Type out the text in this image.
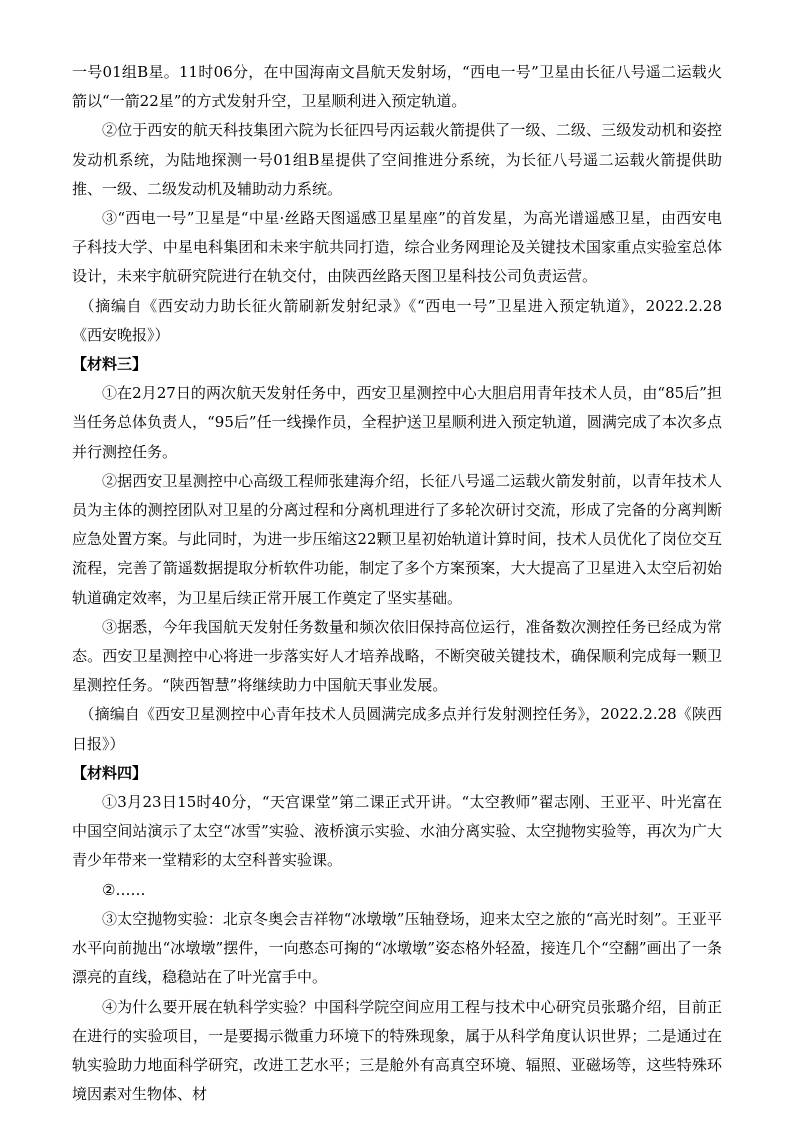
一号01组B星。11时06分，在中国海南文昌航天发射场，“西电一号”卫星由长征八号遥二运载火箭以“一箭22星”的方式发射升空，卫星顺利进入预定轨道。

②位于西安的航天科技集团六院为长征四号丙运载火箭提供了一级、二级、三级发动机和姿控发动机系统，为陆地探测一号01组B星提供了空间推进分系统，为长征八号遥二运载火箭提供助推、一级、二级发动机及辅助动力系统。

③“西电一号”卫星是“中星·丝路天图遥感卫星星座”的首发星，为高光谱遥感卫星，由西安电子科技大学、中星电科集团和未来宇航共同打造，综合业务网理论及关键技术国家重点实验室总体设计，未来宇航研究院进行在轨交付，由陕西丝路天图卫星科技公司负责运营。

（摘编自《西安动力助长征火箭刷新发射纪录》《“西电一号”卫星进入预定轨道》，2022.2.28《西安晚报》）

【材料三】

①在2月27日的两次航天发射任务中，西安卫星测控中心大胆启用青年技术人员，由“85后”担当任务总体负责人，“95后”任一线操作员，全程护送卫星顺利进入预定轨道，圆满完成了本次多点并行测控任务。

②据西安卫星测控中心高级工程师张建海介绍，长征八号遥二运载火箭发射前，以青年技术人员为主体的测控团队对卫星的分离过程和分离机理进行了多轮次研讨交流，形成了完备的分离判断应急处置方案。与此同时，为进一步压缩这22颗卫星初始轨道计算时间，技术人员优化了岗位交互流程，完善了箭遥数据提取分析软件功能，制定了多个方案预案，大大提高了卫星进入太空后初始轨道确定效率，为卫星后续正常开展工作奠定了坚实基础。

③据悉，今年我国航天发射任务数量和频次依旧保持高位运行，准备数次测控任务已经成为常态。西安卫星测控中心将进一步落实好人才培养战略，不断突破关键技术，确保顺利完成每一颗卫星测控任务。“陕西智慧”将继续助力中国航天事业发展。

（摘编自《西安卫星测控中心青年技术人员圆满完成多点并行发射测控任务》，2022.2.28《陕西日报》）

【材料四】

①3月23日15时40分，“天宫课堂”第二课正式开讲。“太空教师”翟志刚、王亚平、叶光富在中国空间站演示了太空“冰雪”实验、液桥演示实验、水油分离实验、太空抛物实验等，再次为广大青少年带来一堂精彩的太空科普实验课。

②……

③太空抛物实验：北京冬奥会吉祥物“冰墩墩”压轴登场，迎来太空之旅的“高光时刻”。王亚平水平向前抛出“冰墩墩”摆件，一向憨态可掬的“冰墩墩”姿态格外轻盈，接连几个“空翻”画出了一条漂亮的直线，稳稳站在了叶光富手中。

④为什么要开展在轨科学实验？中国科学院空间应用工程与技术中心研究员张璐介绍，目前正在进行的实验项目，一是要揭示微重力环境下的特殊现象，属于从科学角度认识世界；二是通过在轨实验助力地面科学研究，改进工艺水平；三是舱外有高真空环境、辐照、亚磁场等，这些特殊环境因素对生物体、材
